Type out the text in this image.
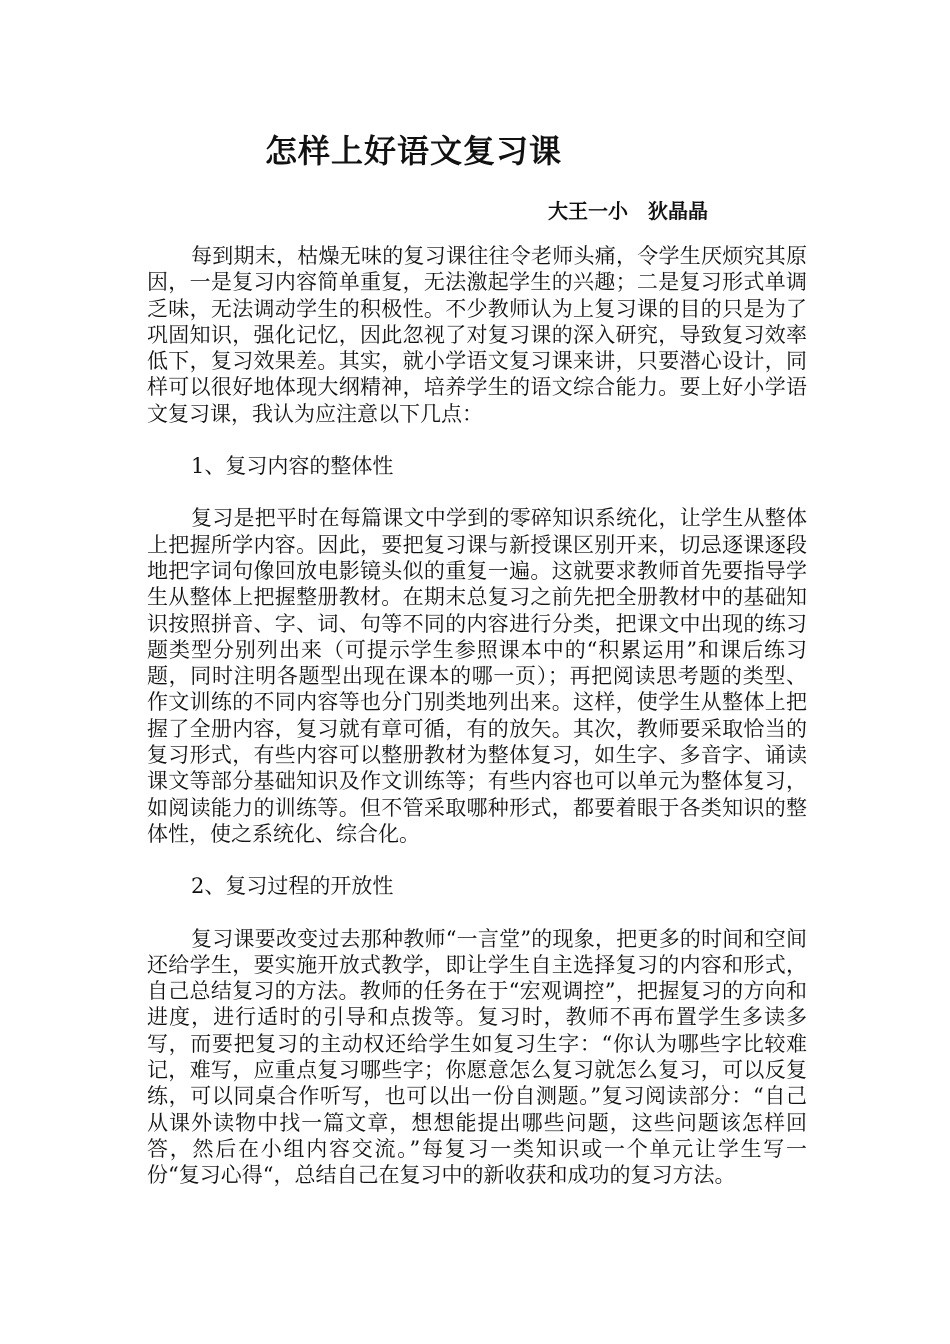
怎样上好语文复习课

大王一小　狄晶晶

每到期末，枯燥无味的复习课往往令老师头痛，令学生厌烦究其原因，一是复习内容简单重复，无法激起学生的兴趣；二是复习形式单调乏味，无法调动学生的积极性。不少教师认为上复习课的目的只是为了巩固知识，强化记忆，因此忽视了对复习课的深入研究，导致复习效率低下，复习效果差。其实，就小学语文复习课来讲，只要潜心设计，同样可以很好地体现大纲精神，培养学生的语文综合能力。要上好小学语文复习课，我认为应注意以下几点：

1、复习内容的整体性

复习是把平时在每篇课文中学到的零碎知识系统化，让学生从整体上把握所学内容。因此，要把复习课与新授课区别开来，切忌逐课逐段地把字词句像回放电影镜头似的重复一遍。这就要求教师首先要指导学生从整体上把握整册教材。在期末总复习之前先把全册教材中的基础知识按照拼音、字、词、句等不同的内容进行分类，把课文中出现的练习题类型分别列出来（可提示学生参照课本中的“积累运用”和课后练习题，同时注明各题型出现在课本的哪一页）；再把阅读思考题的类型、作文训练的不同内容等也分门别类地列出来。这样，使学生从整体上把握了全册内容，复习就有章可循，有的放矢。其次，教师要采取恰当的复习形式，有些内容可以整册教材为整体复习，如生字、多音字、诵读课文等部分基础知识及作文训练等；有些内容也可以单元为整体复习，如阅读能力的训练等。但不管采取哪种形式，都要着眼于各类知识的整体性，使之系统化、综合化。

2、复习过程的开放性

复习课要改变过去那种教师“一言堂”的现象，把更多的时间和空间还给学生，要实施开放式教学，即让学生自主选择复习的内容和形式，自己总结复习的方法。教师的任务在于“宏观调控”，把握复习的方向和进度，进行适时的引导和点拨等。复习时，教师不再布置学生多读多写，而要把复习的主动权还给学生如复习生字：“你认为哪些字比较难记，难写，应重点复习哪些字；你愿意怎么复习就怎么复习，可以反复练，可以同桌合作听写，也可以出一份自测题。”复习阅读部分：“自己从课外读物中找一篇文章，想想能提出哪些问题，这些问题该怎样回答，然后在小组内容交流。”每复习一类知识或一个单元让学生写一份“复习心得“，总结自己在复习中的新收获和成功的复习方法。
